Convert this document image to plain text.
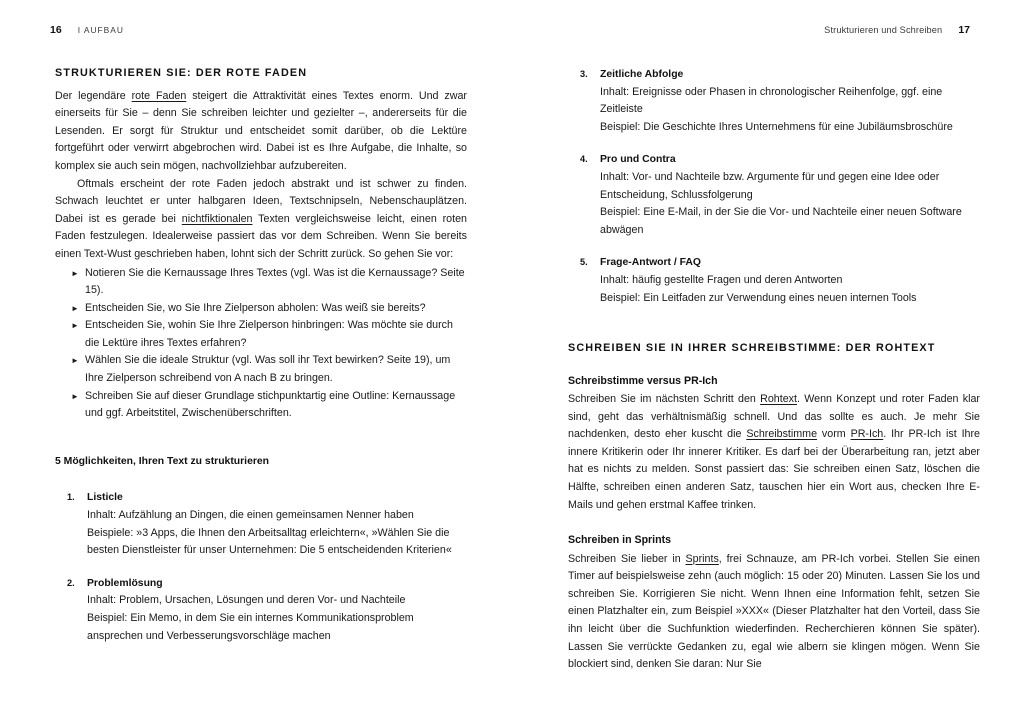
16 I AUFBAU	Strukturieren und Schreiben 17
STRUKTURIEREN SIE: DER ROTE FADEN

Der legendäre rote Faden steigert die Attraktivität eines Textes enorm. Und zwar einerseits für Sie – denn Sie schreiben leichter und gezielter –, andererseits für die Lesenden. Er sorgt für Struktur und entscheidet somit darüber, ob die Lektüre fortgeführt oder verwirrt abgebrochen wird. Dabei ist es Ihre Aufgabe, die Inhalte, so komplex sie auch sein mögen, nachvollziehbar aufzubereiten.

Oftmals erscheint der rote Faden jedoch abstrakt und ist schwer zu finden. Schwach leuchtet er unter halbgaren Ideen, Textschnipseln, Nebenschauplätzen. Dabei ist es gerade bei nichtfiktionalen Texten vergleichsweise leicht, einen roten Faden festzulegen. Idealerweise passiert das vor dem Schreiben. Wenn Sie bereits einen Text-Wust geschrieben haben, lohnt sich der Schritt zurück. So gehen Sie vor:

► Notieren Sie die Kernaussage Ihres Textes (vgl. Was ist die Kernaussage? Seite 15).
► Entscheiden Sie, wo Sie Ihre Zielperson abholen: Was weiß sie bereits?
► Entscheiden Sie, wohin Sie Ihre Zielperson hinbringen: Was möchte sie durch die Lektüre ihres Textes erfahren?
► Wählen Sie die ideale Struktur (vgl. Was soll ihr Text bewirken? Seite 19), um Ihre Zielperson schreibend von A nach B zu bringen.
► Schreiben Sie auf dieser Grundlage stichpunktartig eine Outline: Kernaussage und ggf. Arbeitstitel, Zwischenüberschriften.

5 Möglichkeiten, Ihren Text zu strukturieren

1. Listicle

Inhalt: Aufzählung an Dingen, die einen gemeinsamen Nenner haben

Beispiele: »3 Apps, die Ihnen den Arbeitsalltag erleichtern«, »Wählen Sie die besten Dienstleister für unser Unternehmen: Die 5 entscheidenden Kriterien«

2. Problemlösung

Inhalt: Problem, Ursachen, Lösungen und deren Vor- und Nachteile

Beispiel: Ein Memo, in dem Sie ein internes Kommunikationsproblem ansprechen und Verbesserungsvorschläge machen

3. Zeitliche Abfolge

Inhalt: Ereignisse oder Phasen in chronologischer Reihenfolge, ggf. eine Zeitleiste

Beispiel: Die Geschichte Ihres Unternehmens für eine Jubiläumsbroschüre

4. Pro und Contra

Inhalt: Vor- und Nachteile bzw. Argumente für und gegen eine Idee oder Entscheidung, Schlussfolgerung

Beispiel: Eine E-Mail, in der Sie die Vor- und Nachteile einer neuen Software abwägen

5. Frage-Antwort / FAQ

Inhalt: häufig gestellte Fragen und deren Antworten

Beispiel: Ein Leitfaden zur Verwendung eines neuen internen Tools

SCHREIBEN SIE IN IHRER SCHREIBSTIMME: DER ROHTEXT
Schreibstimme versus PR-Ich

Schreiben Sie im nächsten Schritt den Rohtext. Wenn Konzept und roter Faden klar sind, geht das verhältnismäßig schnell. Und das sollte es auch. Je mehr Sie nachdenken, desto eher kuscht die Schreibstimme vorm PR-Ich. Ihr PR-Ich ist Ihre innere Kritikerin oder Ihr innerer Kritiker. Es darf bei der Überarbeitung ran, jetzt aber hat es nichts zu melden. Sonst passiert das: Sie schreiben einen Satz, löschen die Hälfte, schreiben einen anderen Satz, tauschen hier ein Wort aus, checken Ihre E-Mails und gehen erstmal Kaffee trinken.

Schreiben in Sprints

Schreiben Sie lieber in Sprints, frei Schnauze, am PR-Ich vorbei. Stellen Sie einen Timer auf beispielsweise zehn (auch möglich: 15 oder 20) Minuten. Lassen Sie los und schreiben Sie. Korrigieren Sie nicht. Wenn Ihnen eine Information fehlt, setzen Sie einen Platzhalter ein, zum Beispiel »XXX« (Dieser Platzhalter hat den Vorteil, dass Sie ihn leicht über die Suchfunktion wiederfinden. Recherchieren können Sie später). Lassen Sie verrückte Gedanken zu, egal wie albern sie klingen mögen. Wenn Sie blockiert sind, denken Sie daran: Nur Sie
